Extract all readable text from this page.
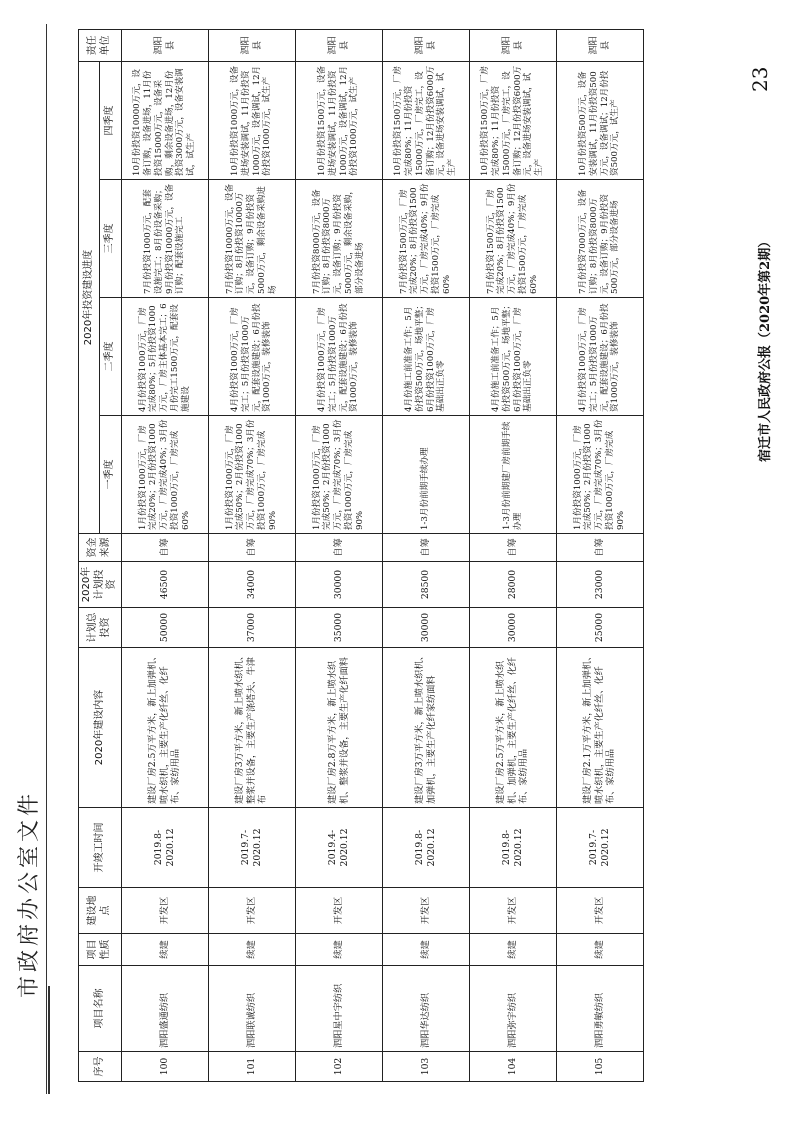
市政府办公室文件
序号	项目名称	项目性质	建设地点	开竣工时间	2020年建设内容	计划总投资	2020年计划投资	资金来源	2020年投资建设进度				责任单位
									一季度	二季度	三季度	四季度	
100	泗阳盛通纺织	续建	开发区	2019.8-2020.12	建设厂房2.5万平方米，新上加弹机、喷水织机，主要生产化纤丝、化纤布、家纺用品	50000	46500	自筹	1月份投资1000万元，厂房完成20%；2月份投资1000万元，厂房完成40%；3月份投资1000万元，厂房完成60%	4月份投资1000万元，厂房完成80%；5月份投资1000万元，厂房主体基本完工；6月份完工1500万元，配套设施建设	7月份投资1000万元，配套设施完工；8月份设备采购；9月份投资10000万元，设备订购；配套设施完工	10月份投资10000万元，设备订购，设备进场，11月份投资15000万元，设备采购，剩余设备进场，12月份投资3000万元，设备安装调试，试生产	泗阳县
101	泗阳联诚纺织	续建	开发区	2019.7-2020.12	建设厂房3万平方米，新上喷水织机、整浆并设备，主要生产涤塔夫、牛津布	37000	34000	自筹	1月份投资1000万元，厂房完成50%；2月份投资1000万元，厂房完成70%；3月份投资1000万元，厂房完成90%	4月份投资1000万元，厂房完工；5月份投资1000万元，配套设施建设；6月份投资1000万元，装修装饰	7月份投资10000万元，设备订购；8月份投资10000万元，设备订购；9月份投资5000万元，剩余设备采购进场	10月份投资1000万元，设备进场安装调试，11月份投资1000万元，设备调试，12月份投资1000万元，试生产	泗阳县
102	泗阳星中宇纺织	续建	开发区	2019.4-2020.12	建设厂房2.8万平方米，新上喷水织机、整浆并设备，主要生产化纤面料	35000	30000	自筹	1月份投资1000万元，厂房完成50%；2月份投资1000万元，厂房完成70%；3月份投资1000万元，厂房完成90%	4月份投资1000万元，厂房完工；5月份投资1000万元，配套设施建设；6月份投资1000万元，装修装饰	7月份投资8000万元，设备订购；8月份投资8000万元，设备订购；9月份投资5000万元，剩余设备采购，部分设备进场	10月份投资1500万元，设备进场安装调试，11月份投资1000万元，设备调试，12月份投资1000万元，试生产	泗阳县
103	泗阳华达纺织	续建	开发区	2019.8-2020.12	建设厂房3万平方米，新上喷水织机、加弹机，主要生产化纤家纺面料	30000	28500	自筹	1-3月份前期手续办理	4月份施工前准备工作；5月份投资500万元，场地平整；6月份投资1000万元，厂房基础出正负零	7月份投资1500万元，厂房完成20%；8月份投资1500万元，厂房完成40%；9月份投资1500万元，厂房完成60%	10月份投资1500万元，厂房完成80%；11月份投资15000万元，厂房完工，设备订购；12月份投资6000万元，设备进场安装调试，试生产	泗阳县
104	泗阳弥宇纺织	续建	开发区	2019.8-2020.12	建设厂房2.5万平方米，新上喷水织机、加弹机，主要生产化纤丝、化纤布、家纺用品	30000	28000	自筹	1-3月份前期建厂房前期手续办理	4月份施工前准备工作；5月份投资500万元，场地平整；6月份投资1000万元，厂房基础出正负零	7月份投资1500万元，厂房完成20%；8月份投资1500万元，厂房完成40%；9月份投资1500万元，厂房完成60%	10月份投资1500万元，厂房完成80%；11月份投资15000万元，厂房完工，设备订购；12月份投资6000万元，设备进场安装调试，试生产	泗阳县
105	泗阳勇敏纺织	续建	开发区	2019.7-2020.12	建设厂房2.1万平方米，新上加弹机、喷水织机，主要生产化纤丝、化纤布、家纺用品	25000	23000	自筹	1月份投资1000万元，厂房完成50%；2月份投资1000万元，厂房完成70%；3月份投资1000万元，厂房完成90%	4月份投资1000万元，厂房完工；5月份投资1000万元，配套设施建设；6月份投资1000万元，装修装饰	7月份投资7000万元，设备订购；8月份投资8000万元，设备订购；9月份投资500万元，部分设备进场	10月份投资500万元，设备安装调试，11月份投资500万元，设备调试；12月份投资500万元，试生产	泗阳县
宿迁市人民政府公报（2020年第2期）
23
